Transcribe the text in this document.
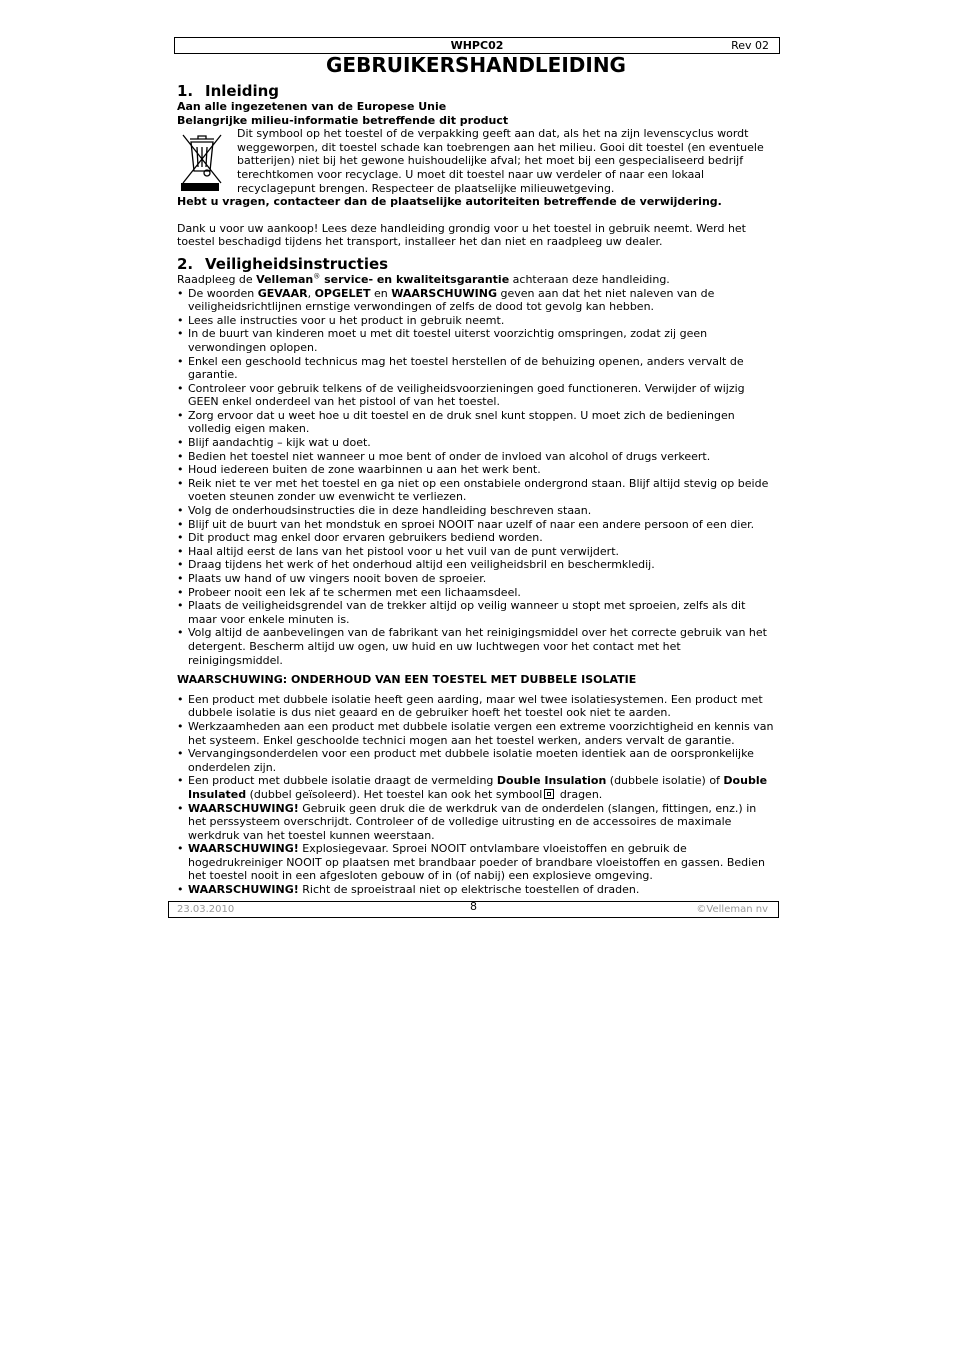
WHPC02	Rev 02
GEBRUIKERSHANDLEIDING
1. Inleiding

Aan alle ingezetenen van de Europese Unie

Belangrijke milieu-informatie betreffende dit product

Dit symbool op het toestel of de verpakking geeft aan dat, als het na zijn levenscyclus wordt weggeworpen, dit toestel schade kan toebrengen aan het milieu. Gooi dit toestel (en eventuele batterijen) niet bij het gewone huishoudelijke afval; het moet bij een gespecialiseerd bedrijf terechtkomen voor recyclage. U moet dit toestel naar uw verdeler of naar een lokaal recyclagepunt brengen. Respecteer de plaatselijke milieuwetgeving.

Hebt u vragen, contacteer dan de plaatselijke autoriteiten betreffende de verwijdering.

Dank u voor uw aankoop! Lees deze handleiding grondig voor u het toestel in gebruik neemt. Werd het toestel beschadigd tijdens het transport, installeer het dan niet en raadpleeg uw dealer.

2. Veiligheidsinstructies

Raadpleeg de Velleman® service- en kwaliteitsgarantie achteraan deze handleiding.

• De woorden GEVAAR, OPGELET en WAARSCHUWING geven aan dat het niet naleven van de veiligheidsrichtlijnen ernstige verwondingen of zelfs de dood tot gevolg kan hebben.
• Lees alle instructies voor u het product in gebruik neemt.
• In de buurt van kinderen moet u met dit toestel uiterst voorzichtig omspringen, zodat zij geen verwondingen oplopen.
• Enkel een geschoold technicus mag het toestel herstellen of de behuizing openen, anders vervalt de garantie.
• Controleer voor gebruik telkens of de veiligheidsvoorzieningen goed functioneren. Verwijder of wijzig GEEN enkel onderdeel van het pistool of van het toestel.
• Zorg ervoor dat u weet hoe u dit toestel en de druk snel kunt stoppen. U moet zich de bedieningen volledig eigen maken.
• Blijf aandachtig – kijk wat u doet.
• Bedien het toestel niet wanneer u moe bent of onder de invloed van alcohol of drugs verkeert.
• Houd iedereen buiten de zone waarbinnen u aan het werk bent.
• Reik niet te ver met het toestel en ga niet op een onstabiele ondergrond staan. Blijf altijd stevig op beide voeten steunen zonder uw evenwicht te verliezen.
• Volg de onderhoudsinstructies die in deze handleiding beschreven staan.
• Blijf uit de buurt van het mondstuk en sproei NOOIT naar uzelf of naar een andere persoon of een dier.
• Dit product mag enkel door ervaren gebruikers bediend worden.
• Haal altijd eerst de lans van het pistool voor u het vuil van de punt verwijdert.
• Draag tijdens het werk of het onderhoud altijd een veiligheidsbril en beschermkledij.
• Plaats uw hand of uw vingers nooit boven de sproeier.
• Probeer nooit een lek af te schermen met een lichaamsdeel.
• Plaats de veiligheidsgrendel van de trekker altijd op veilig wanneer u stopt met sproeien, zelfs als dit maar voor enkele minuten is.
• Volg altijd de aanbevelingen van de fabrikant van het reinigingsmiddel over het correcte gebruik van het detergent. Bescherm altijd uw ogen, uw huid en uw luchtwegen voor het contact met het reinigingsmiddel.

WAARSCHUWING: ONDERHOUD VAN EEN TOESTEL MET DUBBELE ISOLATIE

• Een product met dubbele isolatie heeft geen aarding, maar wel twee isolatiesystemen. Een product met dubbele isolatie is dus niet geaard en de gebruiker hoeft het toestel ook niet te aarden.
• Werkzaamheden aan een product met dubbele isolatie vergen een extreme voorzichtigheid en kennis van het systeem. Enkel geschoolde technici mogen aan het toestel werken, anders vervalt de garantie.
• Vervangingsonderdelen voor een product met dubbele isolatie moeten identiek aan de oorspronkelijke onderdelen zijn.
• Een product met dubbele isolatie draagt de vermelding Double Insulation (dubbele isolatie) of Double Insulated (dubbel geïsoleerd). Het toestel kan ook het symbool dragen.
• WAARSCHUWING! Gebruik geen druk die de werkdruk van de onderdelen (slangen, fittingen, enz.) in het perssysteem overschrijdt. Controleer of de volledige uitrusting en de accessoires de maximale werkdruk van het toestel kunnen weerstaan.
• WAARSCHUWING! Explosiegevaar. Sproei NOOIT ontvlambare vloeistoffen en gebruik de hogedrukreiniger NOOIT op plaatsen met brandbaar poeder of brandbare vloeistoffen en gassen. Bedien het toestel nooit in een afgesloten gebouw of in (of nabij) een explosieve omgeving.
• WAARSCHUWING! Richt de sproeistraal niet op elektrische toestellen of draden.
23.03.2010	8	©Velleman nv
